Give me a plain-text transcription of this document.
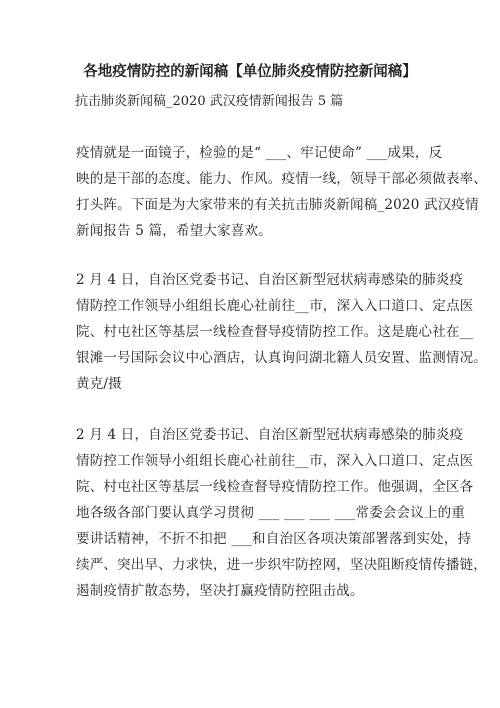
各地疫情防控的新闻稿【单位肺炎疫情防控新闻稿】
抗击肺炎新闻稿_2020 武汉疫情新闻报告 5 篇
疫情就是一面镜子，检验的是“ ___、牢记使命” ___成果，反
映的是干部的态度、能力、作风。疫情一线，领导干部必须做表率、
打头阵。下面是为大家带来的有关抗击肺炎新闻稿_2020 武汉疫情
新闻报告 5 篇，希望大家喜欢。
2 月 4 日，自治区党委书记、自治区新型冠状病毒感染的肺炎疫
情防控工作领导小组组长鹿心社前往__市，深入入口道口、定点医
院、村屯社区等基层一线检查督导疫情防控工作。这是鹿心社在__
银滩一号国际会议中心酒店，认真询问湖北籍人员安置、监测情况。
黄克/摄
2 月 4 日，自治区党委书记、自治区新型冠状病毒感染的肺炎疫
情防控工作领导小组组长鹿心社前往__市，深入入口道口、定点医
院、村屯社区等基层一线检查督导疫情防控工作。他强调，全区各
地各级各部门要认真学习贯彻 ___ ___ ___ ___常委会会议上的重
要讲话精神，不折不扣把 ___和自治区各项决策部署落到实处，持
续严、突出早、力求快，进一步织牢防控网，坚决阻断疫情传播链，
遏制疫情扩散态势，坚决打赢疫情防控阻击战。
